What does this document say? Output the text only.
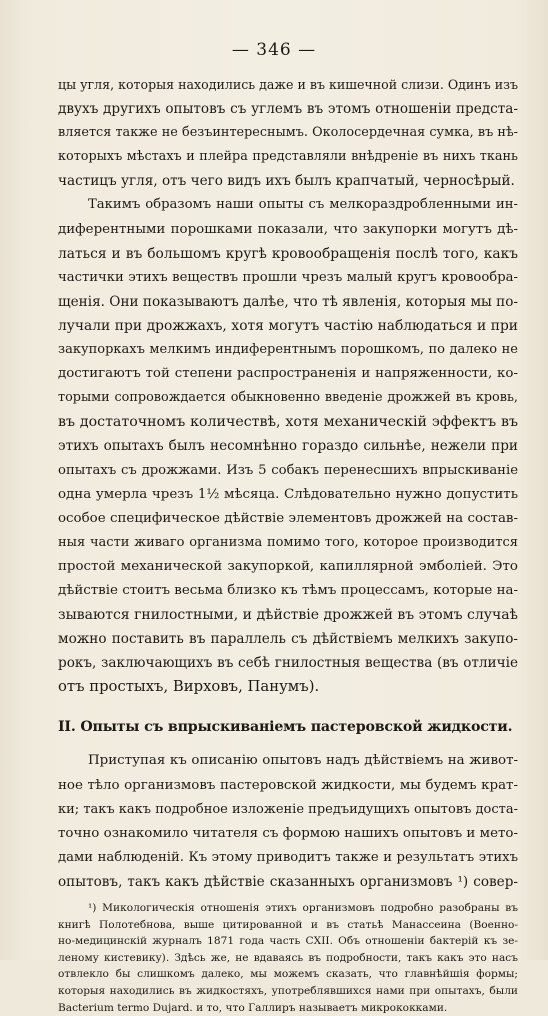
— 346 —
цы угля, которыя находились даже и въ кишечной слизи. Одинъ изъ
двухъ другихъ опытовъ съ углемъ въ этомъ отношеніи предста-
вляется также не безъинтереснымъ. Околосердечная сумка, въ нѣ-
которыхъ мѣстахъ и плейра представляли внѣдреніе въ нихъ ткань
частицъ угля, отъ чего видъ ихъ былъ крапчатый, черносѣрый.
Такимъ образомъ наши опыты съ мелкораздробленными ин-
диферентными порошками показали, что закупорки могутъ дѣ-
латься и въ большомъ кругѣ кровообращенія послѣ того, какъ
частички этихъ веществъ прошли чрезъ малый кругъ кровообра-
щенія. Они показываютъ далѣе, что тѣ явленія, которыя мы по-
лучали при дрожжахъ, хотя могутъ частію наблюдаться и при
закупоркахъ мелкимъ индиферентнымъ порошкомъ, по далеко не
достигаютъ той степени распространенія и напряженности, ко-
торыми сопровождается обыкновенно введеніе дрожжей въ кровь,
въ достаточномъ количествѣ, хотя механическій эффектъ въ
этихъ опытахъ былъ несомнѣнно гораздо сильнѣе, нежели при
опытахъ съ дрожжами. Изъ 5 собакъ перенесшихъ впрыскиваніе
одна умерла чрезъ 1½ мѣсяца. Слѣдовательно нужно допустить
особое специфическое дѣйствіе элементовъ дрожжей на состав-
ныя части живаго организма помимо того, которое производится
простой механической закупоркой, капиллярной эмболіей. Это
дѣйствіе стоитъ весьма близко къ тѣмъ процессамъ, которые на-
зываются гнилостными, и дѣйствіе дрожжей въ этомъ случаѣ
можно поставить въ параллель съ дѣйствіемъ мелкихъ закупо-
рокъ, заключающихъ въ себѣ гнилостныя вещества (въ отличіе
отъ простыхъ, Вирховъ, Панумъ).
II. Опыты съ впрыскиваніемъ пастеровской жидкости.
Приступая къ описанію опытовъ надъ дѣйствіемъ на живот-
ное тѣло организмовъ пастеровской жидкости, мы будемъ крат-
ки; такъ какъ подробное изложеніе предъидущихъ опытовъ доста-
точно ознакомило читателя съ формою нашихъ опытовъ и мето-
дами наблюденій. Къ этому приводитъ также и результатъ этихъ
опытовъ, такъ какъ дѣйствіе сказанныхъ организмовъ ¹) совер-
¹) Микологическія отношенія этихъ организмовъ подробно разобраны въ
книгѣ Полотебнова, выше цитированной и въ статьѣ Манассеина (Военно-
но-медицинскій журналъ 1871 года часть СXII. Объ отношеніи бактерій къ зе-
леному кистевику). Здѣсь же, не вдаваясь въ подробности, такъ какъ это насъ
отвлекло бы слишкомъ далеко, мы можемъ сказать, что главнѣйшія формы;
которыя находились въ жидкостяхъ, употреблявшихся нами при опытахъ, были
Bacterium termo Dujard. и то, что Галлиръ называетъ микрококками.
